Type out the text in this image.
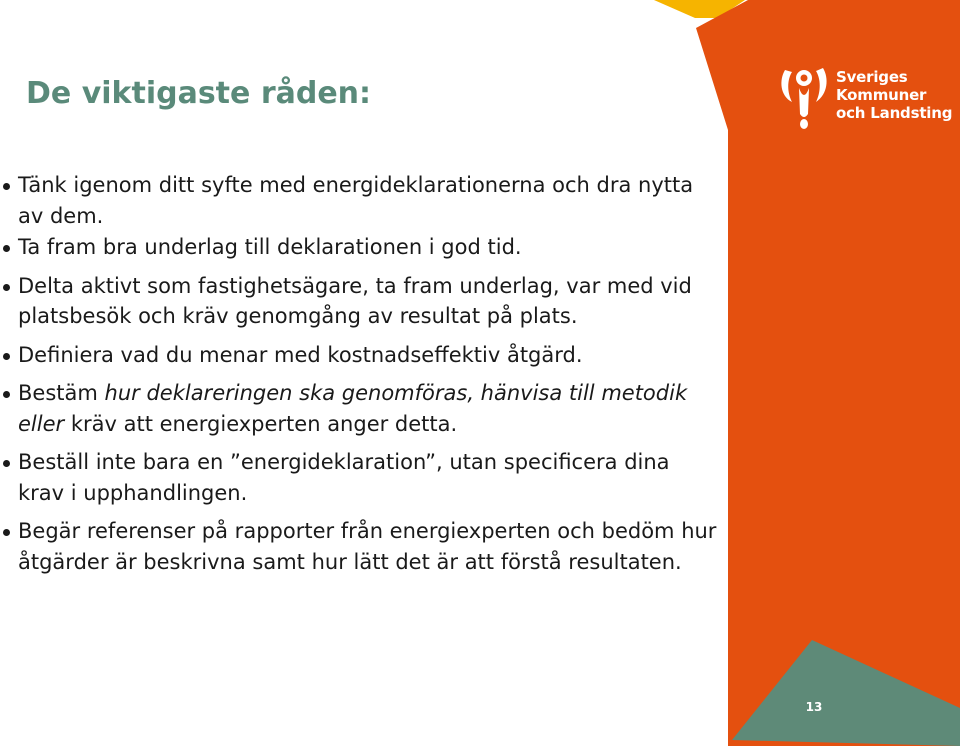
Sveriges
Kommuner
och Landsting
De viktigaste råden:
Tänk igenom ditt syfte med energideklarationerna och dra nytta av dem.
Ta fram bra underlag till deklarationen i god tid.
Delta aktivt som fastighetsägare, ta fram underlag, var med vid platsbesök och kräv genomgång av resultat på plats.
Definiera vad du menar med kostnadseffektiv åtgärd.
Bestäm hur deklareringen ska genomföras, hänvisa till metodik eller kräv att energiexperten anger detta.
Beställ inte bara en ”energideklaration”, utan specificera dina krav i upphandlingen.
Begär referenser på rapporter från energiexperten och bedöm hur åtgärder är beskrivna samt hur lätt det är att förstå resultaten.
13
